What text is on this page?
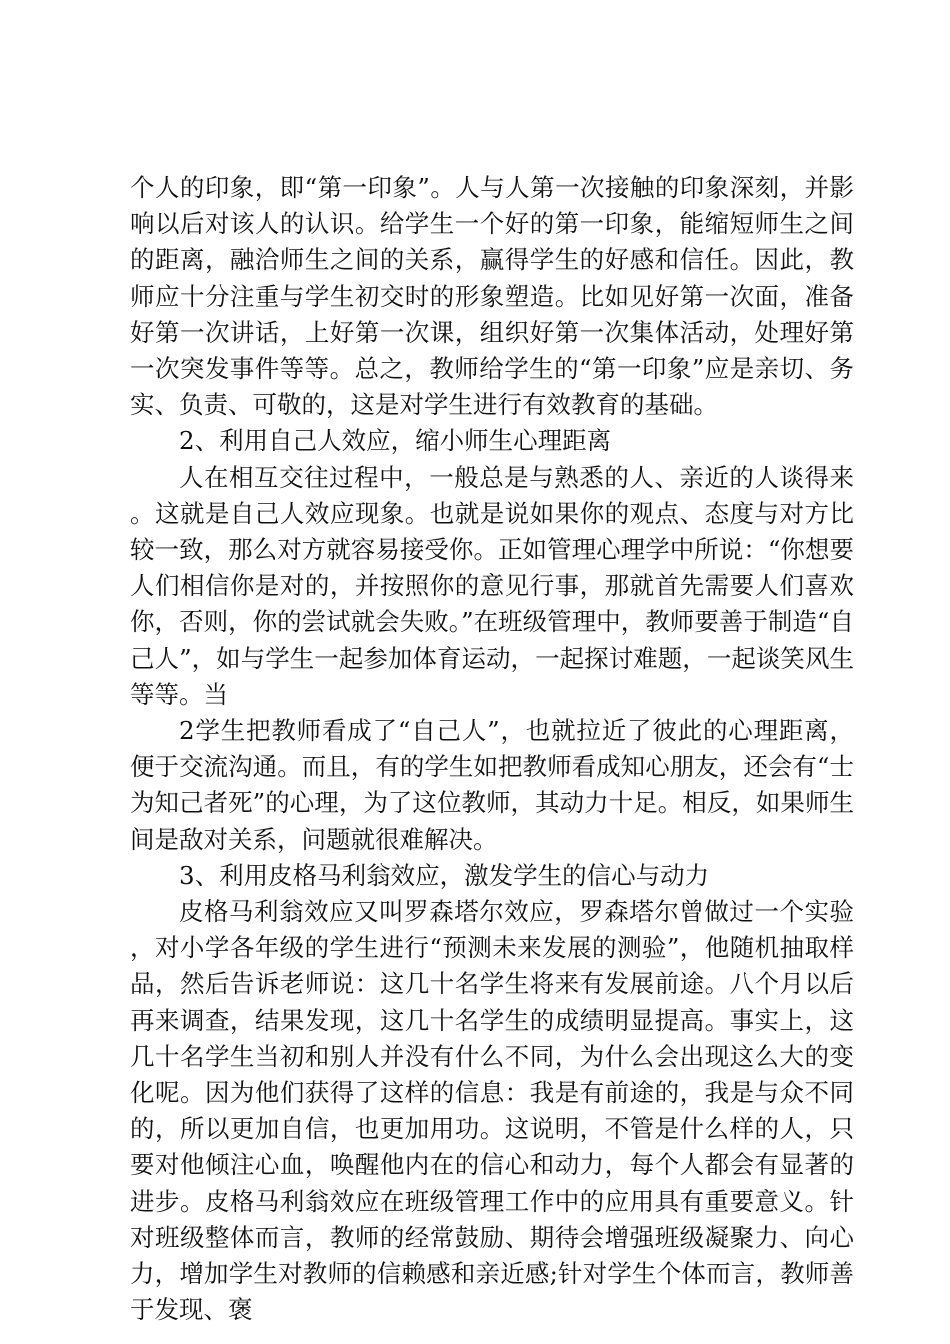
个人的印象，即“第一印象”。人与人第一次接触的印象深刻，并影响以后对该人的认识。给学生一个好的第一印象，能缩短师生之间的距离，融洽师生之间的关系，赢得学生的好感和信任。因此，教师应十分注重与学生初交时的形象塑造。比如见好第一次面，准备好第一次讲话，上好第一次课，组织好第一次集体活动，处理好第一次突发事件等等。总之，教师给学生的“第一印象”应是亲切、务实、负责、可敬的，这是对学生进行有效教育的基础。

2、利用自己人效应，缩小师生心理距离

人在相互交往过程中，一般总是与熟悉的人、亲近的人谈得来。这就是自己人效应现象。也就是说如果你的观点、态度与对方比较一致，那么对方就容易接受你。正如管理心理学中所说：“你想要人们相信你是对的，并按照你的意见行事，那就首先需要人们喜欢你，否则，你的尝试就会失败。”在班级管理中，教师要善于制造“自己人”，如与学生一起参加体育运动，一起探讨难题，一起谈笑风生等等。当

2学生把教师看成了“自己人”，也就拉近了彼此的心理距离，便于交流沟通。而且，有的学生如把教师看成知心朋友，还会有“士为知己者死”的心理，为了这位教师，其动力十足。相反，如果师生间是敌对关系，问题就很难解决。

3、利用皮格马利翁效应，激发学生的信心与动力

皮格马利翁效应又叫罗森塔尔效应，罗森塔尔曾做过一个实验，对小学各年级的学生进行“预测未来发展的测验”，他随机抽取样品，然后告诉老师说：这几十名学生将来有发展前途。八个月以后再来调查，结果发现，这几十名学生的成绩明显提高。事实上，这几十名学生当初和别人并没有什么不同，为什么会出现这么大的变化呢。因为他们获得了这样的信息：我是有前途的，我是与众不同的，所以更加自信，也更加用功。这说明，不管是什么样的人，只要对他倾注心血，唤醒他内在的信心和动力，每个人都会有显著的进步。皮格马利翁效应在班级管理工作中的应用具有重要意义。针对班级整体而言，教师的经常鼓励、期待会增强班级凝聚力、向心力，增加学生对教师的信赖感和亲近感;针对学生个体而言，教师善于发现、褒
